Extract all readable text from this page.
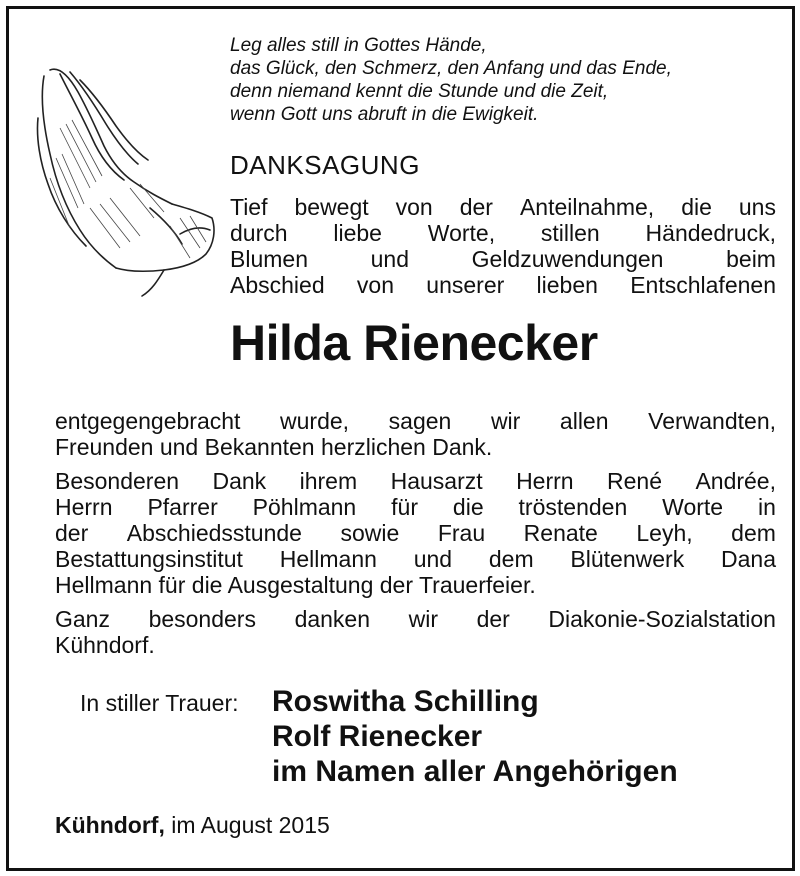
Leg alles still in Gottes Hände,
das Glück, den Schmerz, den Anfang und das Ende,
denn niemand kennt die Stunde und die Zeit,
wenn Gott uns abruft in die Ewigkeit.
DANKSAGUNG
Tief bewegt von der Anteilnahme, die uns
durch liebe Worte, stillen Händedruck,
Blumen	und	Geldzuwendungen	beim
Abschied von unserer lieben Entschlafenen
Hilda Rienecker
entgegengebracht wurde, sagen wir allen Verwandten,
Freunden und Bekannten herzlichen Dank.
Besonderen Dank ihrem Hausarzt Herrn René Andrée,
Herrn Pfarrer Pöhlmann für die tröstenden Worte in
der Abschiedsstunde sowie Frau Renate Leyh, dem
Bestattungsinstitut Hellmann und dem Blütenwerk Dana
Hellmann für die Ausgestaltung der Trauerfeier.
Ganz besonders danken wir der Diakonie-Sozialstation
Kühndorf.
In stiller Trauer: Roswitha Schilling
Rolf Rienecker
im Namen aller Angehörigen
Kühndorf, im August 2015
